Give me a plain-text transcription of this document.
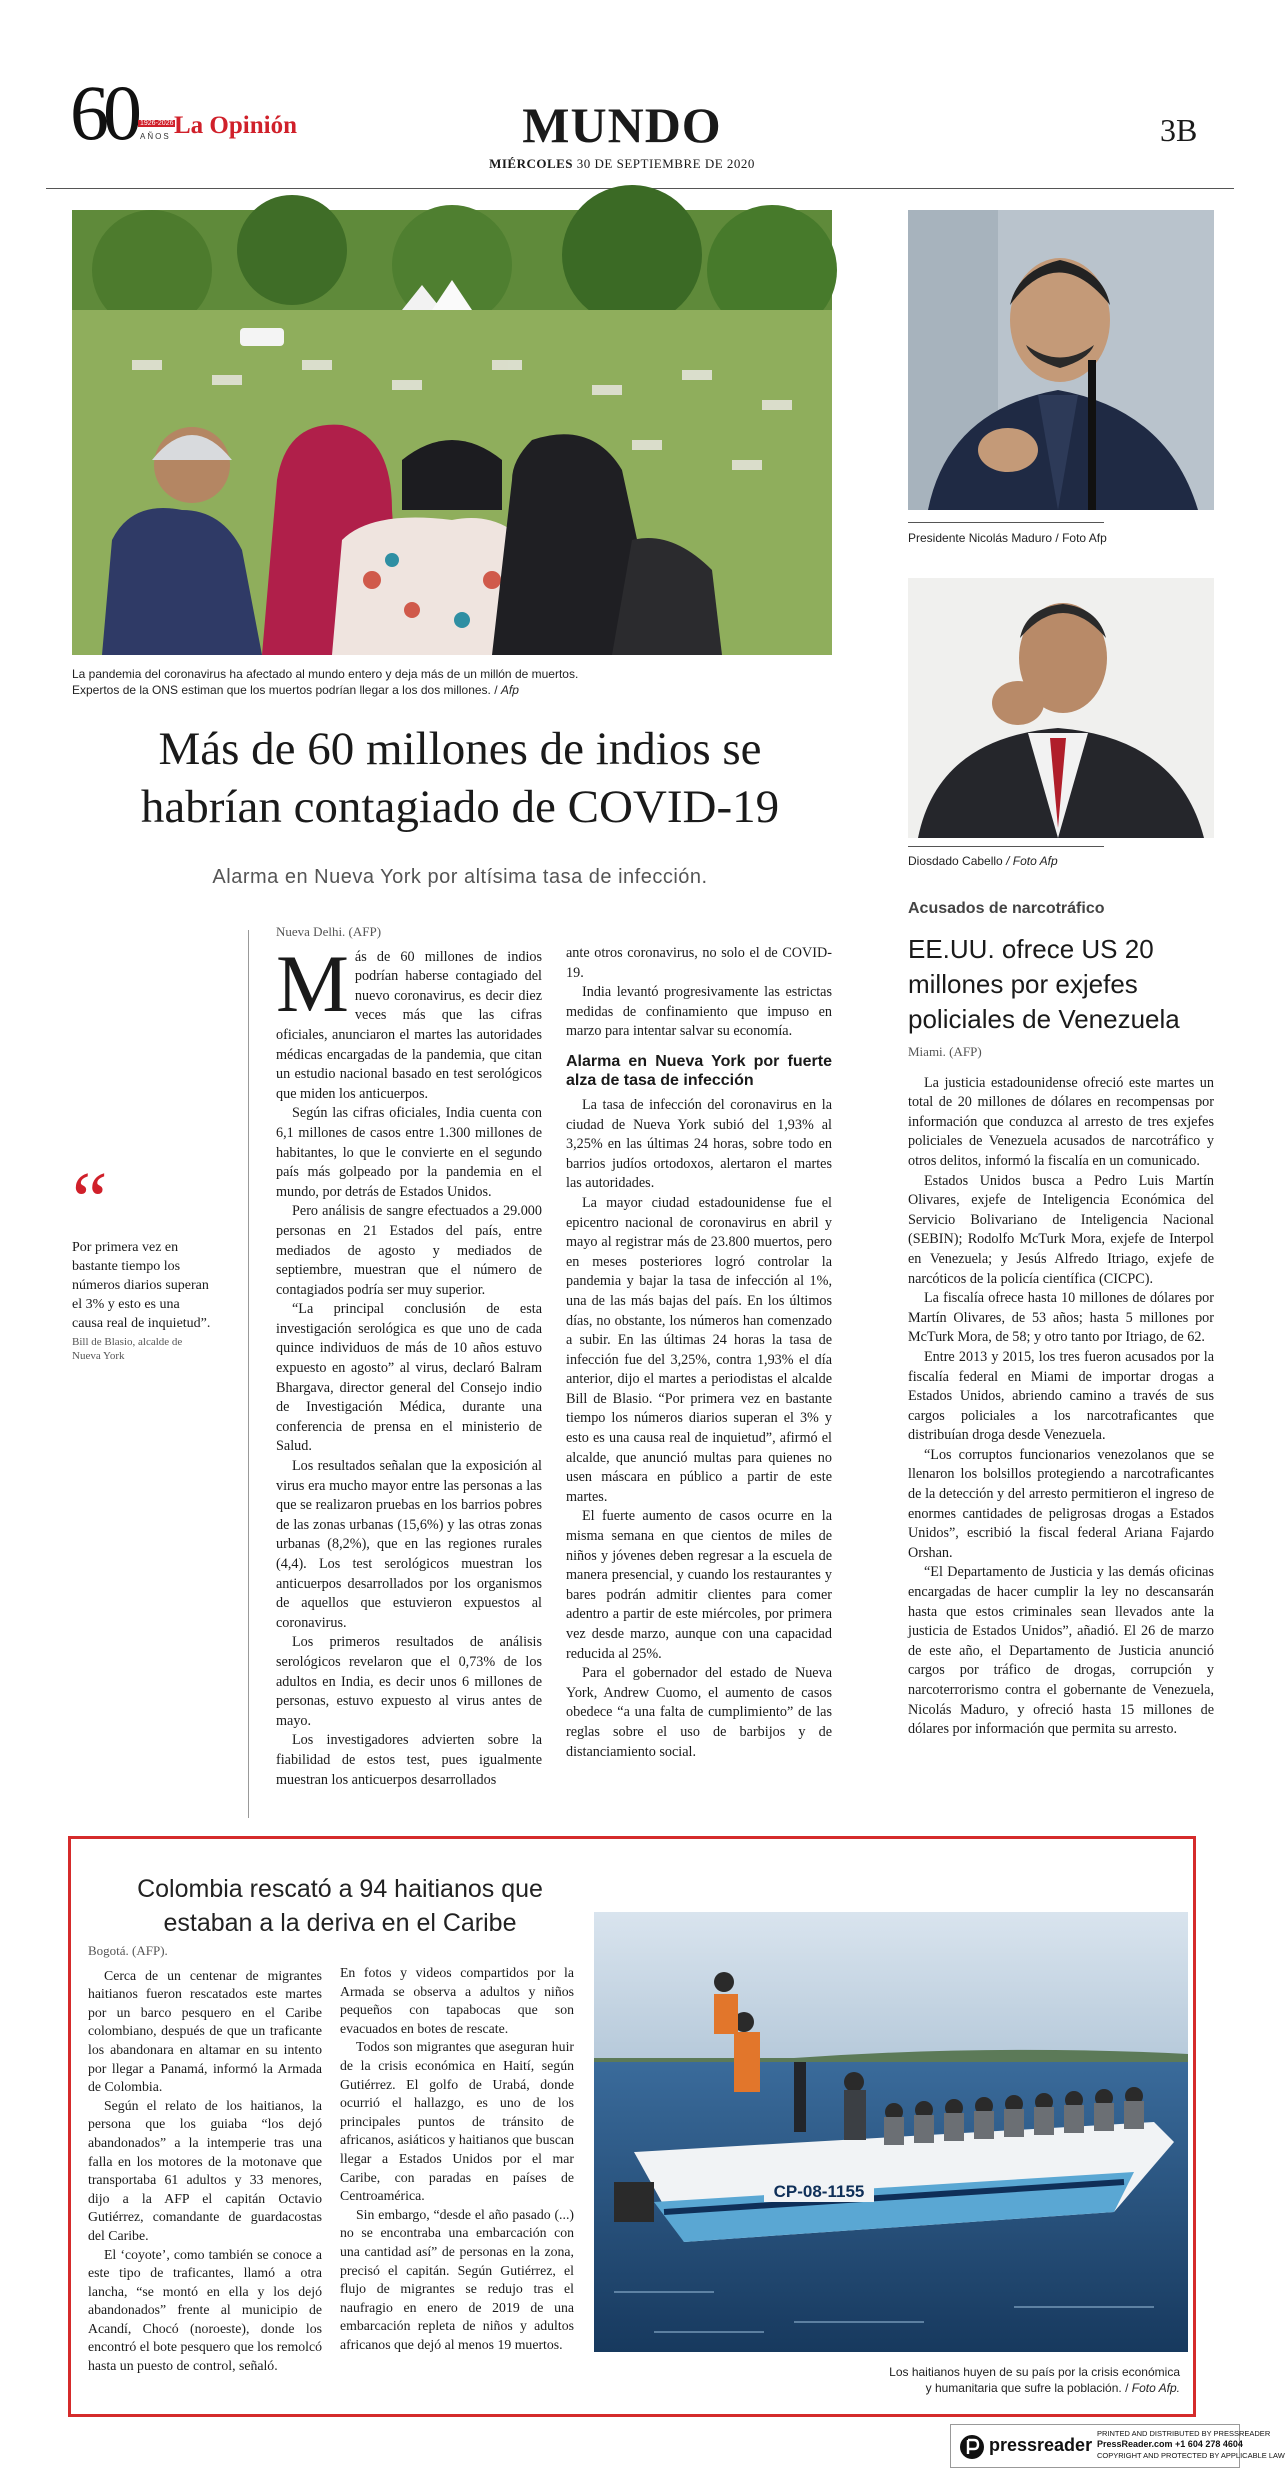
60 1926-2026
AÑOS La Opinión	MUNDO
MIÉRCOLES 30 DE SEPTIEMBRE DE 2020
3B
La pandemia del coronavirus ha afectado al mundo entero y deja más de un millón de muertos.
Expertos de la ONS estiman que los muertos podrían llegar a los dos millones. / Afp
Más de 60 millones de indios se
habrían contagiado de COVID-19
Alarma en Nueva York por altísima tasa de infección.
“
Por primera vez en bastante tiempo los números diarios superan el 3% y esto es una causa real de inquietud”.
Bill de Blasio, alcalde de Nueva York
Nueva Delhi. (AFP)

Más de 60 millones de indios podrían haberse contagiado del nuevo coronavirus, es decir diez veces más que las cifras oficiales, anunciaron el martes las autoridades médicas encargadas de la pandemia, que citan un estudio nacional basado en test serológicos que miden los anticuerpos.

Según las cifras oficiales, India cuenta con 6,1 millones de casos entre 1.300 millones de habitantes, lo que le convierte en el segundo país más golpeado por la pandemia en el mundo, por detrás de Estados Unidos.

Pero análisis de sangre efectuados a 29.000 personas en 21 Estados del país, entre mediados de agosto y mediados de septiembre, muestran que el número de contagiados podría ser muy superior.

“La principal conclusión de esta investigación serológica es que uno de cada quince individuos de más de 10 años estuvo expuesto en agosto” al virus, declaró Balram Bhargava, director general del Consejo indio de Investigación Médica, durante una conferencia de prensa en el ministerio de Salud.

Los resultados señalan que la exposición al virus era mucho mayor entre las personas a las que se realizaron pruebas en los barrios pobres de las zonas urbanas (15,6%) y las otras zonas urbanas (8,2%), que en las regiones rurales (4,4). Los test serológicos muestran los anticuerpos desarrollados por los organismos de aquellos que estuvieron expuestos al coronavirus.

Los primeros resultados de análisis serológicos revelaron que el 0,73% de los adultos en India, es decir unos 6 millones de personas, estuvo expuesto al virus antes de mayo.

Los investigadores advierten sobre la fiabilidad de estos test, pues igualmente muestran los anticuerpos desarrollados

ante otros coronavirus, no solo el de COVID-19.

India levantó progresivamente las estrictas medidas de confinamiento que impuso en marzo para intentar salvar su economía.

Alarma en Nueva York por fuerte alza de tasa de infección

La tasa de infección del coronavirus en la ciudad de Nueva York subió del 1,93% al 3,25% en las últimas 24 horas, sobre todo en barrios judíos ortodoxos, alertaron el martes las autoridades.

La mayor ciudad estadounidense fue el epicentro nacional de coronavirus en abril y mayo al registrar más de 23.800 muertos, pero en meses posteriores logró controlar la pandemia y bajar la tasa de infección al 1%, una de las más bajas del país. En los últimos días, no obstante, los números han comenzado a subir. En las últimas 24 horas la tasa de infección fue del 3,25%, contra 1,93% el día anterior, dijo el martes a periodistas el alcalde Bill de Blasio. “Por primera vez en bastante tiempo los números diarios superan el 3% y esto es una causa real de inquietud”, afirmó el alcalde, que anunció multas para quienes no usen máscara en público a partir de este martes.

El fuerte aumento de casos ocurre en la misma semana en que cientos de miles de niños y jóvenes deben regresar a la escuela de manera presencial, y cuando los restaurantes y bares podrán admitir clientes para comer adentro a partir de este miércoles, por primera vez desde marzo, aunque con una capacidad reducida al 25%.

Para el gobernador del estado de Nueva York, Andrew Cuomo, el aumento de casos obedece “a una falta de cumplimiento” de las reglas sobre el uso de barbijos y de distanciamiento social.

Presidente Nicolás Maduro / Foto Afp
Diosdado Cabello / Foto Afp
Acusados de narcotráfico
EE.UU. ofrece US 20 millones por exjefes policiales de Venezuela
Miami. (AFP)

La justicia estadounidense ofreció este martes un total de 20 millones de dólares en recompensas por información que conduzca al arresto de tres exjefes policiales de Venezuela acusados de narcotráfico y otros delitos, informó la fiscalía en un comunicado.

Estados Unidos busca a Pedro Luis Martín Olivares, exjefe de Inteligencia Económica del Servicio Bolivariano de Inteligencia Nacional (SEBIN); Rodolfo McTurk Mora, exjefe de Interpol en Venezuela; y Jesús Alfredo Itriago, exjefe de narcóticos de la policía científica (CICPC).

La fiscalía ofrece hasta 10 millones de dólares por Martín Olivares, de 53 años; hasta 5 millones por McTurk Mora, de 58; y otro tanto por Itriago, de 62.

Entre 2013 y 2015, los tres fueron acusados por la fiscalía federal en Miami de importar drogas a Estados Unidos, abriendo camino a través de sus cargos policiales a los narcotraficantes que distribuían droga desde Venezuela.

“Los corruptos funcionarios venezolanos que se llenaron los bolsillos protegiendo a narcotraficantes de la detección y del arresto permitieron el ingreso de enormes cantidades de peligrosas drogas a Estados Unidos”, escribió la fiscal federal Ariana Fajardo Orshan.

“El Departamento de Justicia y las demás oficinas encargadas de hacer cumplir la ley no descansarán hasta que estos criminales sean llevados ante la justicia de Estados Unidos”, añadió. El 26 de marzo de este año, el Departamento de Justicia anunció cargos por tráfico de drogas, corrupción y narcoterrorismo contra el gobernante de Venezuela, Nicolás Maduro, y ofreció hasta 15 millones de dólares por información que permita su arresto.

Colombia rescató a 94 haitianos que
estaban a la deriva en el Caribe
Bogotá. (AFP).

Cerca de un centenar de migrantes haitianos fueron rescatados este martes por un barco pesquero en el Caribe colombiano, después de que un traficante los abandonara en altamar en su intento por llegar a Panamá, informó la Armada de Colombia.

Según el relato de los haitianos, la persona que los guiaba “los dejó abandonados” a la intemperie tras una falla en los motores de la motonave que transportaba 61 adultos y 33 menores, dijo a la AFP el capitán Octavio Gutiérrez, comandante de guardacostas del Caribe.

El ‘coyote’, como también se conoce a este tipo de traficantes, llamó a otra lancha, “se montó en ella y los dejó abandonados” frente al municipio de Acandí, Chocó (noroeste), donde los encontró el bote pesquero que los remolcó hasta un puesto de control, señaló.

En fotos y videos compartidos por la Armada se observa a adultos y niños pequeños con tapabocas que son evacuados en botes de rescate.

Todos son migrantes que aseguran huir de la crisis económica en Haití, según Gutiérrez. El golfo de Urabá, donde ocurrió el hallazgo, es uno de los principales puntos de tránsito de africanos, asiáticos y haitianos que buscan llegar a Estados Unidos por el mar Caribe, con paradas en países de Centroamérica.

Sin embargo, “desde el año pasado (...) no se encontraba una embarcación con una cantidad así” de personas en la zona, precisó el capitán. Según Gutiérrez, el flujo de migrantes se redujo tras el naufragio en enero de 2019 de una embarcación repleta de niños y adultos africanos que dejó al menos 19 muertos.

CP-08-1155
Los haitianos huyen de su país por la crisis económica
y humanitaria que sufre la población. / Foto Afp.
pressreader
PRINTED AND DISTRIBUTED BY PRESSREADER
PressReader.com +1 604 278 4604
COPYRIGHT AND PROTECTED BY APPLICABLE LAW
